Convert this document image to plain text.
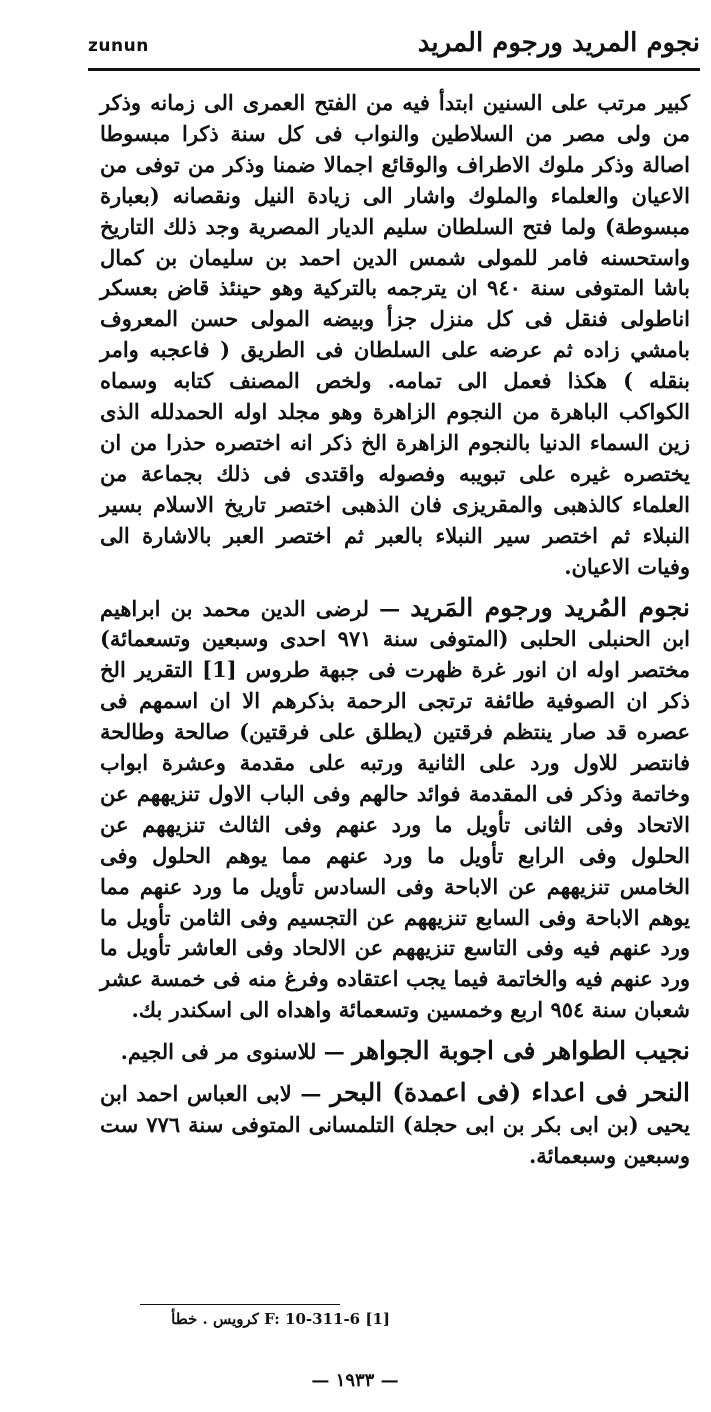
zunun	نجوم المريد ورجوم المريد

كبير مرتب على السنين ابتدأ فيه من الفتح العمرى الى زمانه وذكر من ولى مصر من السلاطين والنواب فى كل سنة ذكرا مبسوطا اصالة وذكر ملوك الاطراف والوقائع اجمالا ضمنا وذكر من توفى من الاعيان والعلماء والملوك واشار الى زيادة النيل ونقصانه (بعبارة مبسوطة) ولما فتح السلطان سليم الديار المصرية وجد ذلك التاريخ واستحسنه فامر للمولى شمس الدين احمد بن سليمان بن كمال باشا المتوفى سنة ٩٤٠ ان يترجمه بالتركية وهو حينئذ قاض بعسكر اناطولى فنقل فى كل منزل جزأ وبيضه المولى حسن المعروف بامشي زاده ثم عرضه على السلطان فى الطريق ( فاعجبه وامر بنقله ) هكذا فعمل الى تمامه. ولخص المصنف كتابه وسماه الكواكب الباهرة من النجوم الزاهرة وهو مجلد اوله الحمدلله الذى زين السماء الدنيا بالنجوم الزاهرة الخ ذكر انه اختصره حذرا من ان يختصره غيره على تبويبه وفصوله واقتدى فى ذلك بجماعة من العلماء كالذهبى والمقريزى فان الذهبى اختصر تاريخ الاسلام بسير النبلاء ثم اختصر سير النبلاء بالعبر ثم اختصر العبر بالاشارة الى وفيات الاعيان.

نجوم المُريد ورجوم المَريد — لرضى الدين محمد بن ابراهيم ابن الحنبلى الحلبى (المتوفى سنة ٩٧١ احدى وسبعين وتسعمائة) مختصر اوله ان انور غرة ظهرت فى جبهة طروس [1] التقرير الخ ذكر ان الصوفية طائفة ترتجى الرحمة بذكرهم الا ان اسمهم فى عصره قد صار ينتظم فرقتين (يطلق على فرقتين) صالحة وطالحة فانتصر للاول ورد على الثانية ورتبه على مقدمة وعشرة ابواب وخاتمة وذكر فى المقدمة فوائد حالهم وفى الباب الاول تنزيههم عن الاتحاد وفى الثانى تأويل ما ورد عنهم وفى الثالث تنزيههم عن الحلول وفى الرابع تأويل ما ورد عنهم مما يوهم الحلول وفى الخامس تنزيههم عن الاباحة وفى السادس تأويل ما ورد عنهم مما يوهم الاباحة وفى السابع تنزيههم عن التجسيم وفى الثامن تأويل ما ورد عنهم فيه وفى التاسع تنزيههم عن الالحاد وفى العاشر تأويل ما ورد عنهم فيه والخاتمة فيما يجب اعتقاده وفرغ منه فى خمسة عشر شعبان سنة ٩٥٤ اربع وخمسين وتسعمائة واهداه الى اسكندر بك.

نجيب الطواهر فى اجوبة الجواهر — للاسنوى مر فى الجيم.

النحر فى اعداء (فى اعمدة) البحر — لابى العباس احمد ابن يحيى (بن ابى بكر بن ابى حجلة) التلمسانى المتوفى سنة ٧٧٦ ست وسبعين وسبعمائة.

[1] F: 10-311-6 كرويس . خطأ
— ١٩٣٣ —
